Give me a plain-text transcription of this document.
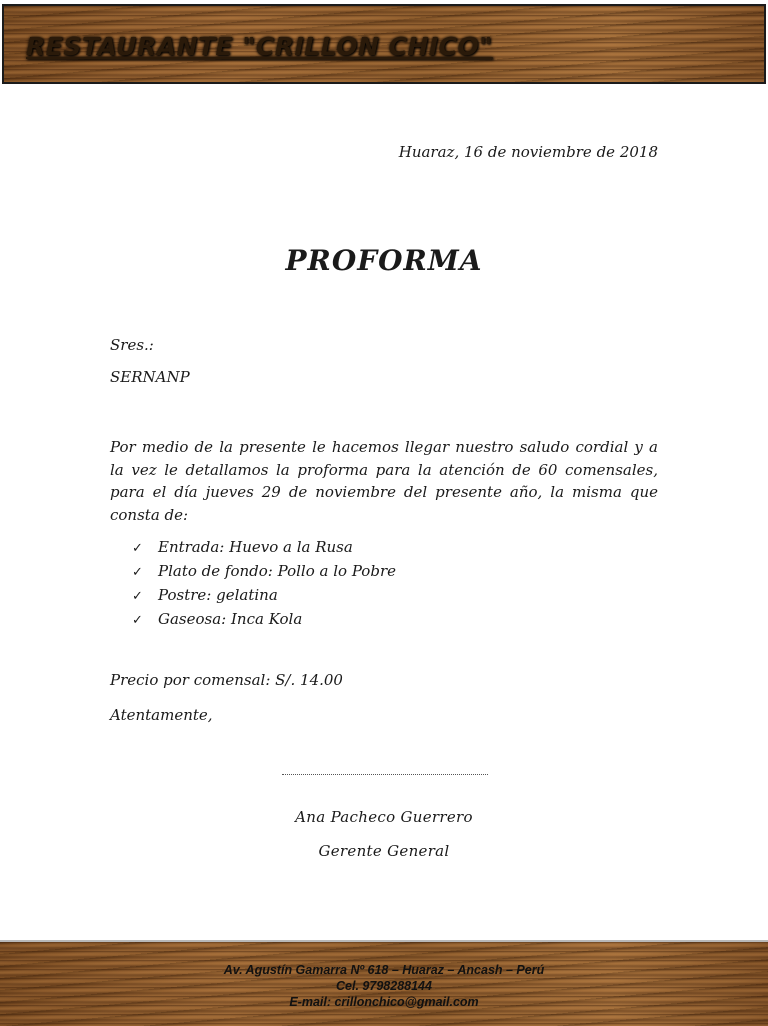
RESTAURANTE "CRILLON CHICO"
Huaraz, 16 de noviembre de 2018
PROFORMA
Sres.:
SERNANP
Por medio de la presente le hacemos llegar nuestro saludo cordial y a la vez le detallamos la proforma para la atención de 60 comensales, para el día jueves 29 de noviembre del presente año, la misma que consta de:
✓ Entrada: Huevo a la Rusa
✓ Plato de fondo: Pollo a lo Pobre
✓ Postre: gelatina
✓ Gaseosa: Inca Kola
Precio por comensal: S/. 14.00
Atentamente,
Ana Pacheco Guerrero
Gerente General
Av. Agustín Gamarra Nº 618 – Huaraz – Ancash – Perú
Cel. 9798288144
E-mail: crillonchico@gmail.com
